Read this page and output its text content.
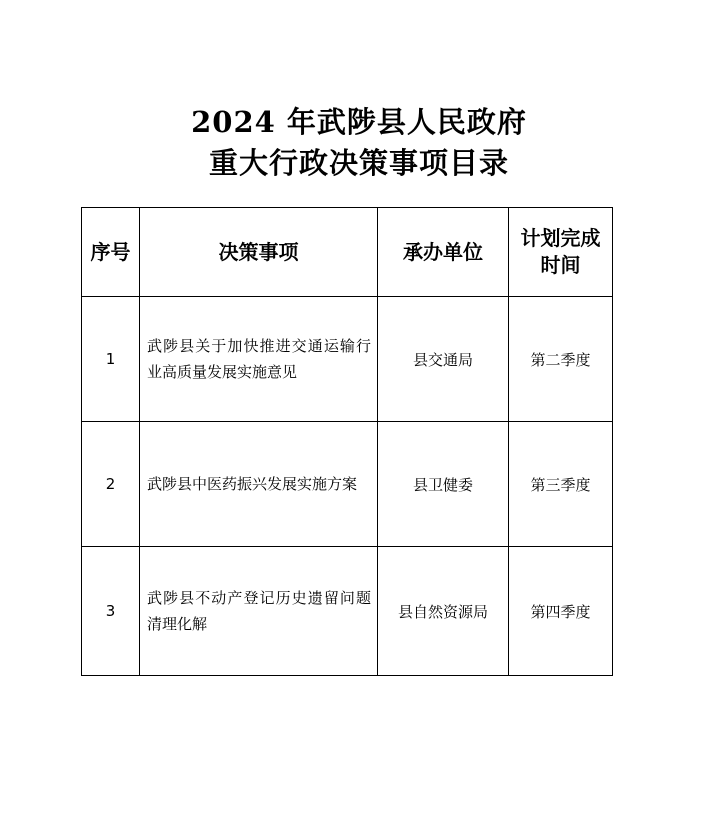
2024 年武陟县人民政府
重大行政决策事项目录
序号	决策事项	承办单位	计划完成
时间

1	武陟县关于加快推进交通运输行业高质量发展实施意见	县交通局	第二季度
2	武陟县中医药振兴发展实施方案	县卫健委	第三季度
3	武陟县不动产登记历史遗留问题清理化解	县自然资源局	第四季度
